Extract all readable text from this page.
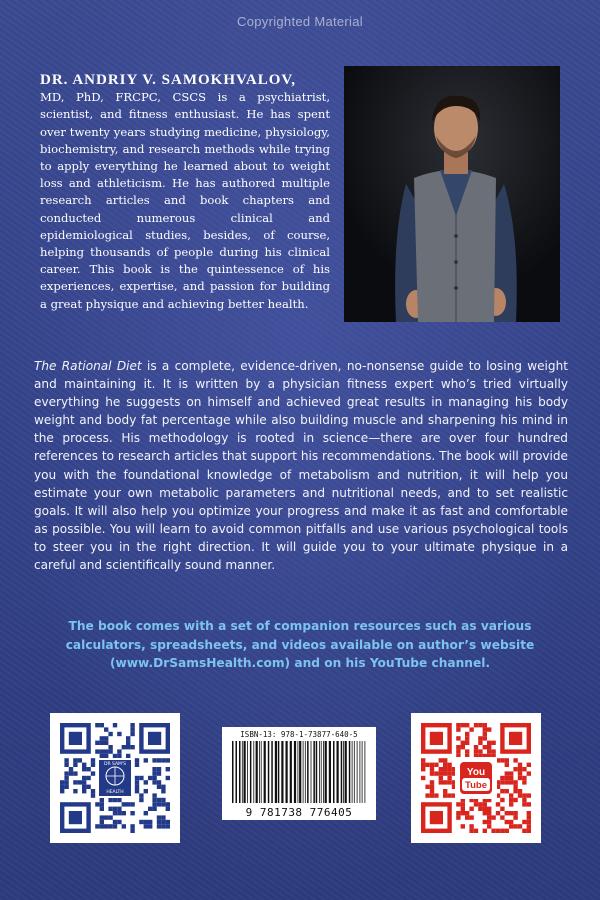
Copyrighted Material
DR. ANDRIY V. SAMOKHVALOV,
MD, PhD, FRCPC, CSCS is a psychiatrist, scientist, and fitness enthusiast. He has spent over twenty years studying medicine, physiology, biochemistry, and research methods while trying to apply everything he learned about to weight loss and athleticism. He has authored multiple research articles and book chapters and conducted numerous clinical and epidemiological studies, besides, of course, helping thousands of people during his clinical career. This book is the quintessence of his experiences, expertise, and passion for building a great physique and achieving better health.
The Rational Diet is a complete, evidence-driven, no-nonsense guide to losing weight and maintaining it. It is written by a physician fitness expert who’s tried virtually everything he suggests on himself and achieved great results in managing his body weight and body fat percentage while also building muscle and sharpening his mind in the process. His methodology is rooted in science—there are over four hundred references to research articles that support his recommendations. The book will provide you with the foundational knowledge of metabolism and nutrition, it will help you estimate your own metabolic parameters and nutritional needs, and to set realistic goals. It will also help you optimize your progress and make it as fast and comfortable as possible. You will learn to avoid common pitfalls and use various psychological tools to steer you in the right direction. It will guide you to your ultimate physique in a careful and scientifically sound manner.
The book comes with a set of companion resources such as various calculators, spreadsheets, and videos available on author’s website (www.DrSamsHealth.com) and on his YouTube channel.
DR SAM'S
HEALTH
ISBN-13: 978-1-73877-640-5
9 781738 776405
You
Tube
